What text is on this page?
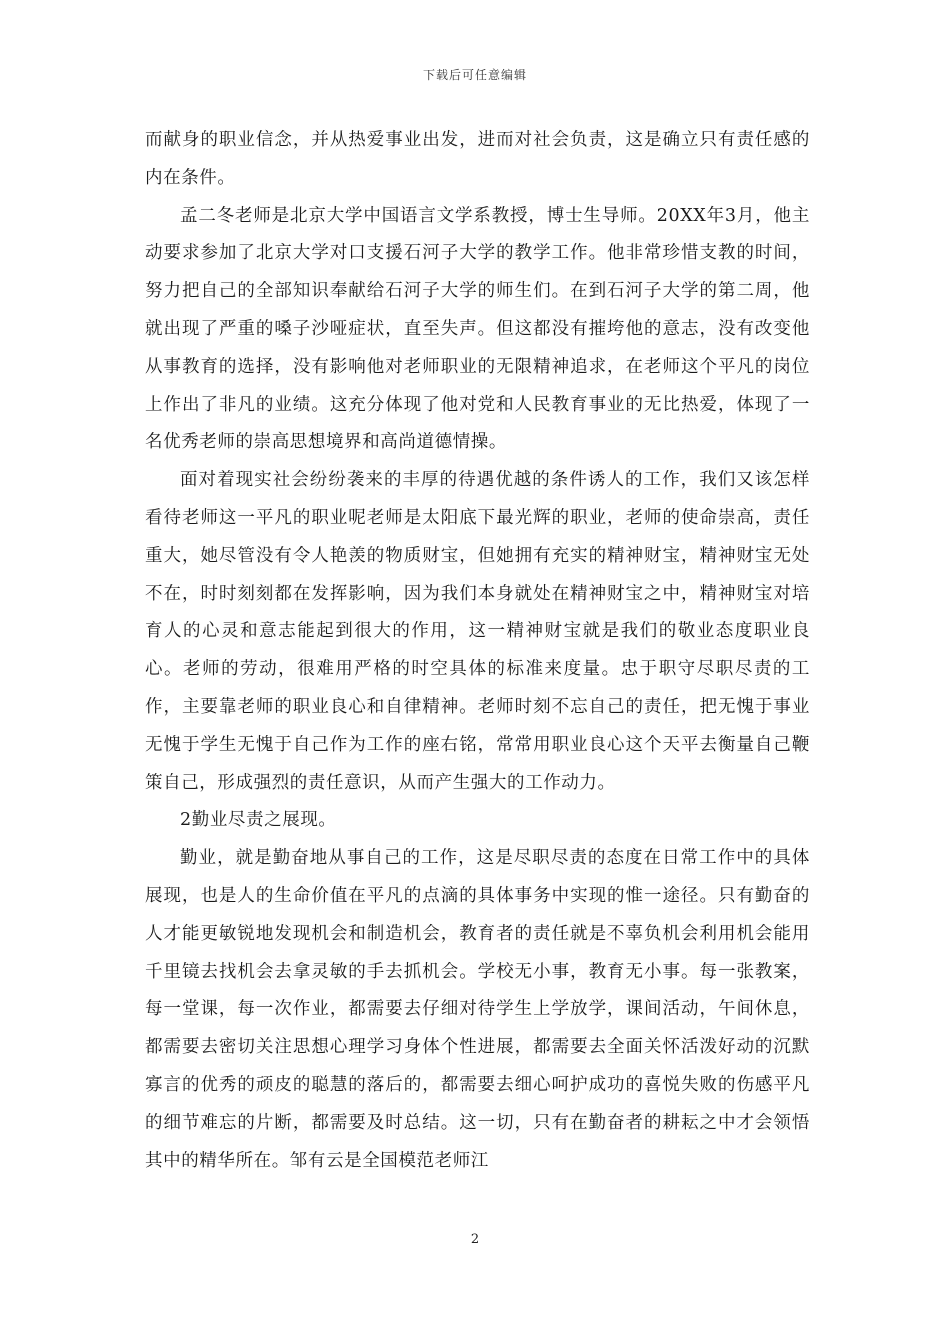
下载后可任意编辑

而献身的职业信念，并从热爱事业出发，进而对社会负责，这是确立只有责任感的内在条件。

孟二冬老师是北京大学中国语言文学系教授，博士生导师。20XX年3月，他主动要求参加了北京大学对口支援石河子大学的教学工作。他非常珍惜支教的时间，努力把自己的全部知识奉献给石河子大学的师生们。在到石河子大学的第二周，他就出现了严重的嗓子沙哑症状，直至失声。但这都没有摧垮他的意志，没有改变他从事教育的选择，没有影响他对老师职业的无限精神追求，在老师这个平凡的岗位上作出了非凡的业绩。这充分体现了他对党和人民教育事业的无比热爱，体现了一名优秀老师的崇高思想境界和高尚道德情操。

面对着现实社会纷纷袭来的丰厚的待遇优越的条件诱人的工作，我们又该怎样看待老师这一平凡的职业呢老师是太阳底下最光辉的职业，老师的使命崇高，责任重大，她尽管没有令人艳羡的物质财宝，但她拥有充实的精神财宝，精神财宝无处不在，时时刻刻都在发挥影响，因为我们本身就处在精神财宝之中，精神财宝对培育人的心灵和意志能起到很大的作用，这一精神财宝就是我们的敬业态度职业良心。老师的劳动，很难用严格的时空具体的标准来度量。忠于职守尽职尽责的工作，主要靠老师的职业良心和自律精神。老师时刻不忘自己的责任，把无愧于事业无愧于学生无愧于自己作为工作的座右铭，常常用职业良心这个天平去衡量自己鞭策自己，形成强烈的责任意识，从而产生强大的工作动力。

2勤业尽责之展现。

勤业，就是勤奋地从事自己的工作，这是尽职尽责的态度在日常工作中的具体展现，也是人的生命价值在平凡的点滴的具体事务中实现的惟一途径。只有勤奋的人才能更敏锐地发现机会和制造机会，教育者的责任就是不辜负机会利用机会能用千里镜去找机会去拿灵敏的手去抓机会。学校无小事，教育无小事。每一张教案，每一堂课，每一次作业，都需要去仔细对待学生上学放学，课间活动，午间休息，都需要去密切关注思想心理学习身体个性进展，都需要去全面关怀活泼好动的沉默寡言的优秀的顽皮的聪慧的落后的，都需要去细心呵护成功的喜悦失败的伤感平凡的细节难忘的片断，都需要及时总结。这一切，只有在勤奋者的耕耘之中才会领悟其中的精华所在。邹有云是全国模范老师江

2
